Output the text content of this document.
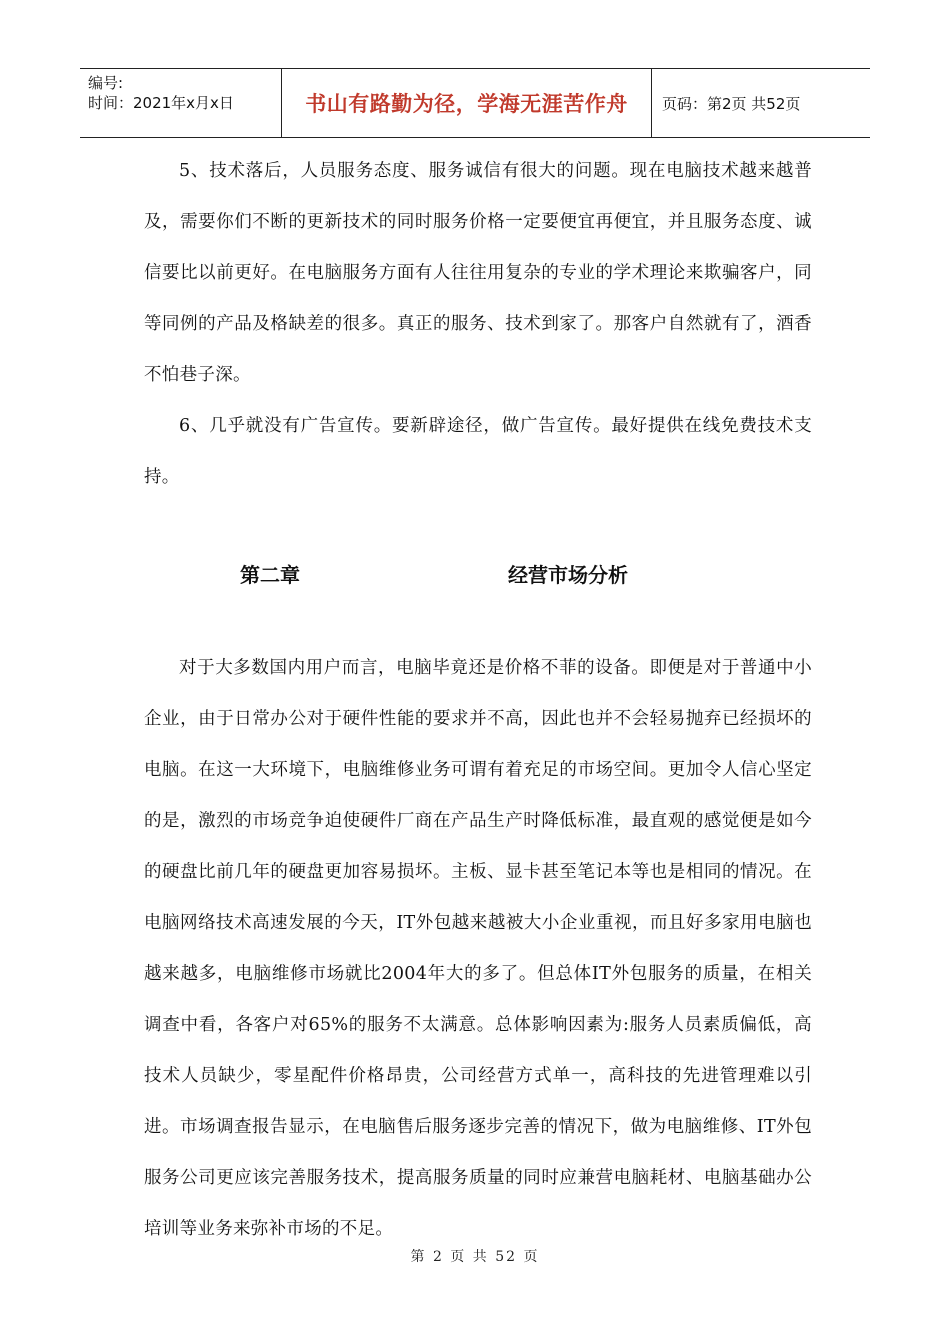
编号:
时间：2021年x月x日	书山有路勤为径，学海无涯苦作舟	页码：第2页 共52页

5、技术落后，人员服务态度、服务诚信有很大的问题。现在电脑技术越来越普及，需要你们不断的更新技术的同时服务价格一定要便宜再便宜，并且服务态度、诚信要比以前更好。在电脑服务方面有人往往用复杂的专业的学术理论来欺骗客户，同等同例的产品及格缺差的很多。真正的服务、技术到家了。那客户自然就有了，酒香不怕巷子深。

6、几乎就没有广告宣传。要新辟途径，做广告宣传。最好提供在线免费技术支持。

第二章	经营市场分析

对于大多数国内用户而言，电脑毕竟还是价格不菲的设备。即便是对于普通中小企业，由于日常办公对于硬件性能的要求并不高，因此也并不会轻易抛弃已经损坏的电脑。在这一大环境下，电脑维修业务可谓有着充足的市场空间。更加令人信心坚定的是，激烈的市场竞争迫使硬件厂商在产品生产时降低标准，最直观的感觉便是如今的硬盘比前几年的硬盘更加容易损坏。主板、显卡甚至笔记本等也是相同的情况。在电脑网络技术高速发展的今天，IT外包越来越被大小企业重视，而且好多家用电脑也越来越多，电脑维修市场就比2004年大的多了。但总体IT外包服务的质量，在相关调查中看，各客户对65%的服务不太满意。总体影响因素为:服务人员素质偏低，高技术人员缺少，零星配件价格昂贵，公司经营方式单一，高科技的先进管理难以引进。市场调查报告显示，在电脑售后服务逐步完善的情况下，做为电脑维修、IT外包服务公司更应该完善服务技术，提高服务质量的同时应兼营电脑耗材、电脑基础办公培训等业务来弥补市场的不足。

第 2 页 共 52 页
